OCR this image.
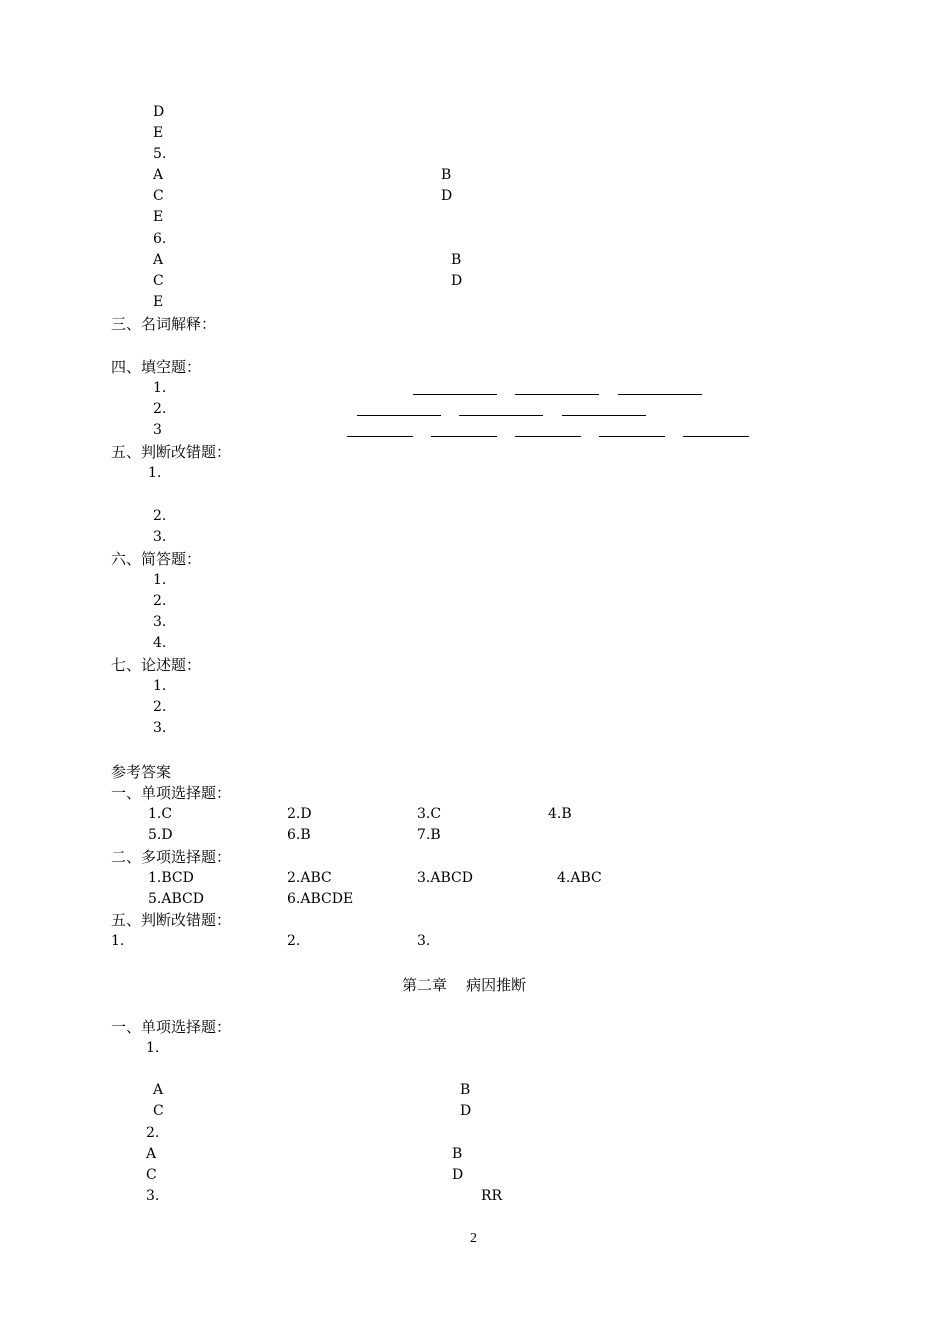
D	
E	
5.
A		B	
C		D	
E	
6.
A		B	
C		D	
E	
三、名词解释：
四、填空题：
1.
2.
3
五、判断改错题：
1.
2.
3.
六、简答题：
1.
2.
3.
4.
七、论述题：
1.
2.
3.
参考答案
一、单项选择题：
1.C	2.D	3.C	4.B
5.D	6.B	7.B
二、多项选择题：
1.BCD	2.ABC	3.ABCD	4.ABC
5.ABCD	6.ABCDE
五、判断改错题：
1.	2.	3.
第二章    病因推断
一、单项选择题：
1.
A		B	
C		D	
2.
A		B	
C		D	
3.	RR
2
